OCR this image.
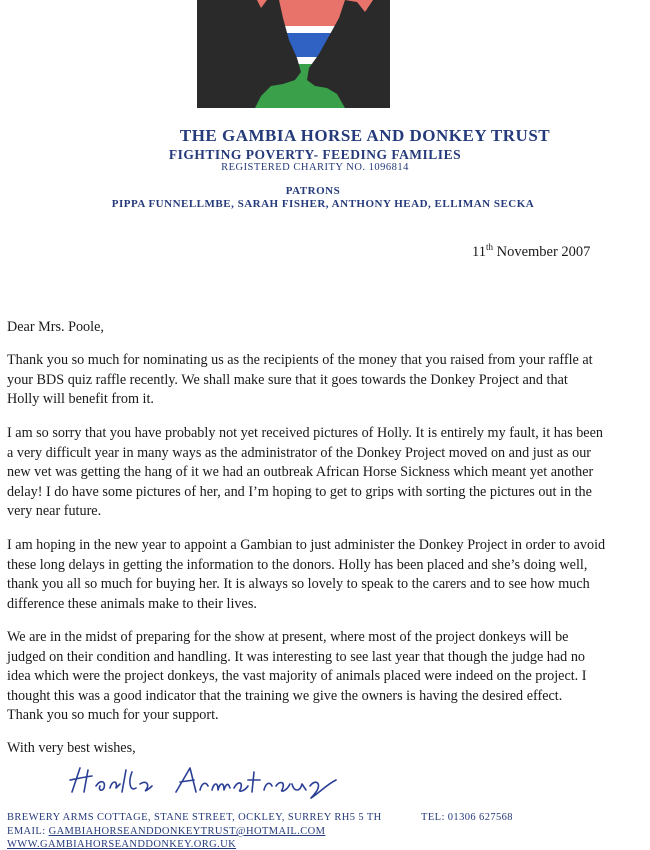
THE GAMBIA HORSE AND DONKEY TRUST
FIGHTING POVERTY- FEEDING FAMILIES
REGISTERED CHARITY NO. 1096814
PATRONS
PIPPA FUNNELLMBE, SARAH FISHER, ANTHONY HEAD, ELLIMAN SECKA
11th November 2007
Dear Mrs. Poole,
Thank you so much for nominating us as the recipients of the money that you raised from your raffle at
your BDS quiz raffle recently. We shall make sure that it goes towards the Donkey Project and that
Holly will benefit from it.
I am so sorry that you have probably not yet received pictures of Holly. It is entirely my fault, it has been
a very difficult year in many ways as the administrator of the Donkey Project moved on and just as our
new vet was getting the hang of it we had an outbreak African Horse Sickness which meant yet another
delay! I do have some pictures of her, and I’m hoping to get to grips with sorting the pictures out in the
very near future.
I am hoping in the new year to appoint a Gambian to just administer the Donkey Project in order to avoid
these long delays in getting the information to the donors. Holly has been placed and she’s doing well,
thank you all so much for buying her. It is always so lovely to speak to the carers and to see how much
difference these animals make to their lives.
We are in the midst of preparing for the show at present, where most of the project donkeys will be
judged on their condition and handling. It was interesting to see last year that though the judge had no
idea which were the project donkeys, the vast majority of animals placed were indeed on the project. I
thought this was a good indicator that the training we give the owners is having the desired effect.
Thank you so much for your support.
With very best wishes,
BREWERY ARMS COTTAGE, STANE STREET, OCKLEY, SURREY RH5 5 TH	TEL: 01306 627568
EMAIL: GAMBIAHORSEANDDONKEYTRUST@HOTMAIL.COM
WWW.GAMBIAHORSEANDDONKEY.ORG.UK
